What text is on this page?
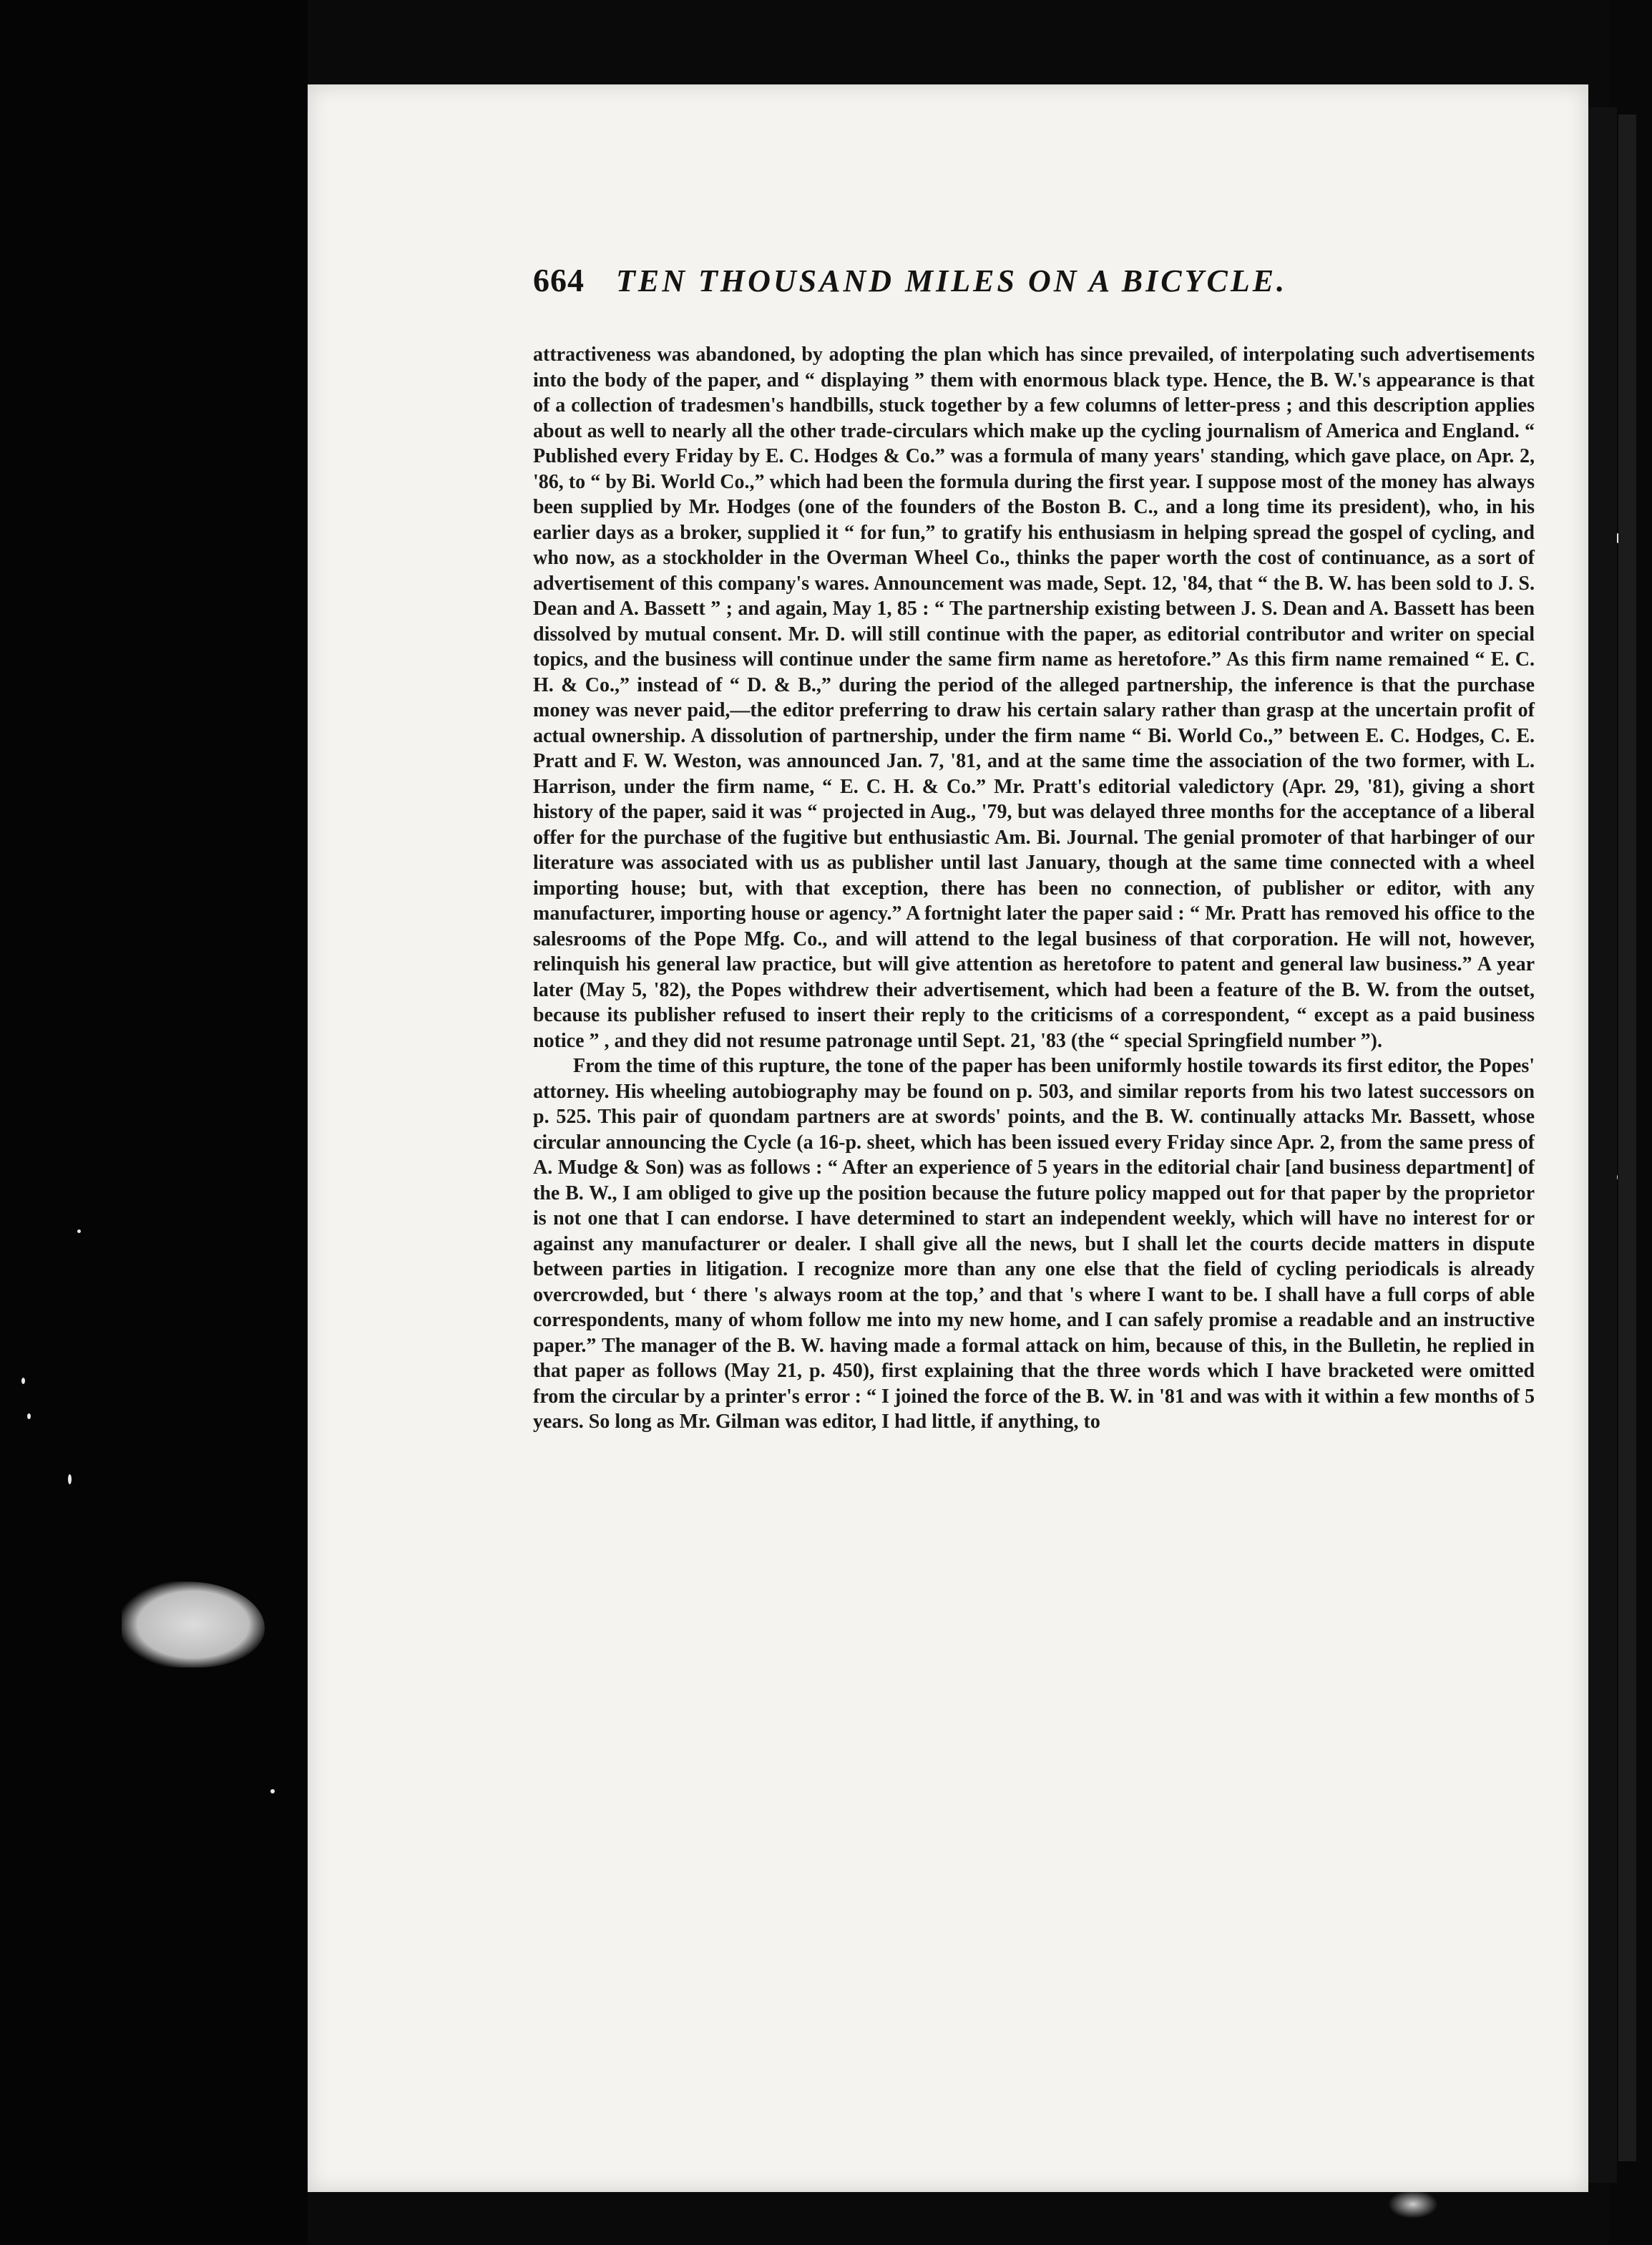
664 TEN THOUSAND MILES ON A BICYCLE.

attractiveness was abandoned, by adopting the plan which has since prevailed, of interpolating such advertisements into the body of the paper, and “ displaying ” them with enormous black type. Hence, the B. W.'s appearance is that of a collection of tradesmen's handbills, stuck together by a few columns of letter-press ; and this description applies about as well to nearly all the other trade-circulars which make up the cycling journalism of America and England. “ Published every Friday by E. C. Hodges & Co.” was a formula of many years' standing, which gave place, on Apr. 2, '86, to “ by Bi. World Co.,” which had been the formula during the first year. I suppose most of the money has always been supplied by Mr. Hodges (one of the founders of the Boston B. C., and a long time its president), who, in his earlier days as a broker, supplied it “ for fun,” to gratify his enthusiasm in helping spread the gospel of cycling, and who now, as a stockholder in the Overman Wheel Co., thinks the paper worth the cost of continuance, as a sort of advertisement of this company's wares. Announcement was made, Sept. 12, '84, that “ the B. W. has been sold to J. S. Dean and A. Bassett ” ; and again, May 1, 85 : “ The partnership existing between J. S. Dean and A. Bassett has been dissolved by mutual consent. Mr. D. will still continue with the paper, as editorial contributor and writer on special topics, and the business will continue under the same firm name as heretofore.” As this firm name remained “ E. C. H. & Co.,” instead of “ D. & B.,” during the period of the alleged partnership, the inference is that the purchase money was never paid,—the editor preferring to draw his certain salary rather than grasp at the uncertain profit of actual ownership. A dissolution of partnership, under the firm name “ Bi. World Co.,” between E. C. Hodges, C. E. Pratt and F. W. Weston, was announced Jan. 7, '81, and at the same time the association of the two former, with L. Harrison, under the firm name, “ E. C. H. & Co.” Mr. Pratt's editorial valedictory (Apr. 29, '81), giving a short history of the paper, said it was “ projected in Aug., '79, but was delayed three months for the acceptance of a liberal offer for the purchase of the fugitive but enthusiastic Am. Bi. Journal. The genial promoter of that harbinger of our literature was associated with us as publisher until last January, though at the same time connected with a wheel importing house; but, with that exception, there has been no connection, of publisher or editor, with any manufacturer, importing house or agency.” A fortnight later the paper said : “ Mr. Pratt has removed his office to the salesrooms of the Pope Mfg. Co., and will attend to the legal business of that corporation. He will not, however, relinquish his general law practice, but will give attention as heretofore to patent and general law business.” A year later (May 5, '82), the Popes withdrew their advertisement, which had been a feature of the B. W. from the outset, because its publisher refused to insert their reply to the criticisms of a correspondent, “ except as a paid business notice ” , and they did not resume patronage until Sept. 21, '83 (the “ special Springfield number ”).

From the time of this rupture, the tone of the paper has been uniformly hostile towards its first editor, the Popes' attorney. His wheeling autobiography may be found on p. 503, and similar reports from his two latest successors on p. 525. This pair of quondam partners are at swords' points, and the B. W. continually attacks Mr. Bassett, whose circular announcing the Cycle (a 16-p. sheet, which has been issued every Friday since Apr. 2, from the same press of A. Mudge & Son) was as follows : “ After an experience of 5 years in the editorial chair [and business department] of the B. W., I am obliged to give up the position because the future policy mapped out for that paper by the proprietor is not one that I can endorse. I have determined to start an independent weekly, which will have no interest for or against any manufacturer or dealer. I shall give all the news, but I shall let the courts decide matters in dispute between parties in litigation. I recognize more than any one else that the field of cycling periodicals is already overcrowded, but ‘ there 's always room at the top,’ and that 's where I want to be. I shall have a full corps of able correspondents, many of whom follow me into my new home, and I can safely promise a readable and an instructive paper.” The manager of the B. W. having made a formal attack on him, because of this, in the Bulletin, he replied in that paper as follows (May 21, p. 450), first explaining that the three words which I have bracketed were omitted from the circular by a printer's error : “ I joined the force of the B. W. in '81 and was with it within a few months of 5 years. So long as Mr. Gilman was editor, I had little, if anything, to
